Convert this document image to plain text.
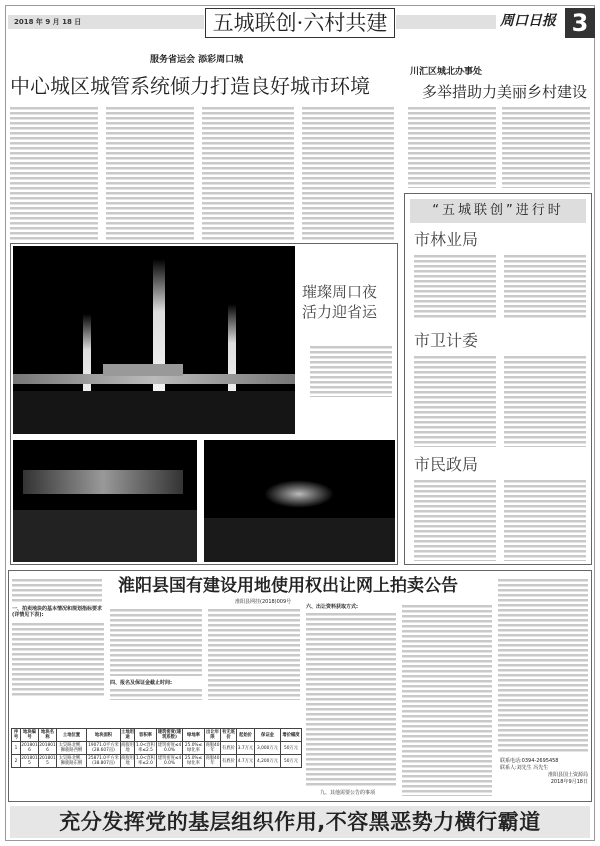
2018 年 9 月 18 日	五城联创·六村共建	周口日报 3
服务省运会 添彩周口城
中心城区城管系统倾力打造良好城市环境
川汇区城北办事处
多举措助力美丽乡村建设
璀璨周口夜
活力迎省运
“五城联创”进行时
市林业局
市卫计委
市民政局
淮阳县国有建设用地使用权出让网上拍卖公告
淮阳县网挂(2018)009号
一、拍卖地块的基本情况和规划指标要求(详情见下表):
四、报名及保证金截止时间:
六、出让资料获取方式:
九、其他需要公告的事项
联系电话:0394-2695458
联系人:刘先生 冯先生
淮阳县国土资源局
2018年9月18日
序号	地块编号	地块名称	土地位置	地块面积	土地用途	容积率	建筑密度(建筑系数)	绿地率	出让年限	有无底价	起始价	保证金	增价幅度
1	2018016	2018016	太昊路北侧、狮鹿路西侧	19071.0平方米(28.607亩)	商服用地	1.0<容积率≤2.5	建筑密度≤40.0%	25.0%≤绿化率	商服40年	有底价	3.7万元	3,000万元	50万元
2	2018015	2018015	太昊路北侧、狮鹿路东侧	25871.0平方米(38.807亩)	商服用地	1.0<容积率≤2.0	建筑密度≤40.0%	25.0%≤绿化率	商服40年	有底价	4.7万元	4,200万元	50万元
充分发挥党的基层组织作用,不容黑恶势力横行霸道
